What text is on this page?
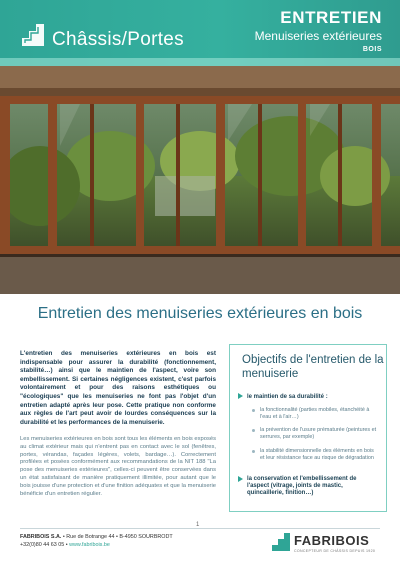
Châssis/Portes
ENTRETIEN
Menuiseries extérieures
BOIS
Entretien des menuiseries extérieures en bois

L'entretien des menuiseries extérieures en bois est indispensable pour assurer la durabilité (fonctionnement, stabilité…) ainsi que le maintien de l'aspect, voire son embellissement. Si certaines négligences existent, c'est parfois volontairement et pour des raisons esthétiques ou "écologiques" que les menuiseries ne font pas l'objet d'un entretien adapté après leur pose. Cette pratique non conforme aux règles de l'art peut avoir de lourdes conséquences sur la durabilité et les performances de la menuiserie.

Les menuiseries extérieures en bois sont tous les éléments en bois exposés au climat extérieur mais qui n'entrent pas en contact avec le sol (fenêtres, portes, vérandas, façades légères, volets, bardage…). Correctement profilées et posées conformément aux recommandations de la NIT 188 "La pose des menuiseries extérieures", celles-ci peuvent être conservées dans un état satisfaisant de manière pratiquement illimitée, pour autant que le bois jouisse d'une protection et d'une finition adéquates et que la menuiserie bénéficie d'un entretien régulier.

Objectifs de l'entretien de la menuiserie
le maintien de sa durabilité :
la fonctionnalité (parties mobiles, étanchéité à l'eau et à l'air…)
la prévention de l'usure prématurée (peintures et serrures, par exemple)
la stabilité dimensionnelle des éléments en bois et leur résistance face au risque de dégradation
la conservation et l'embellissement de l'aspect (vitrage, joints de mastic, quincaillerie, finition…)
1
FABRIBOIS S.A. • Rue de Botrange 44 • B-4950 SOURBRODT
+32(0)80 44 63 05 • www.fabribois.be	FABRIBOIS
CONCEPTEUR DE CHÂSSIS DEPUIS 1920
